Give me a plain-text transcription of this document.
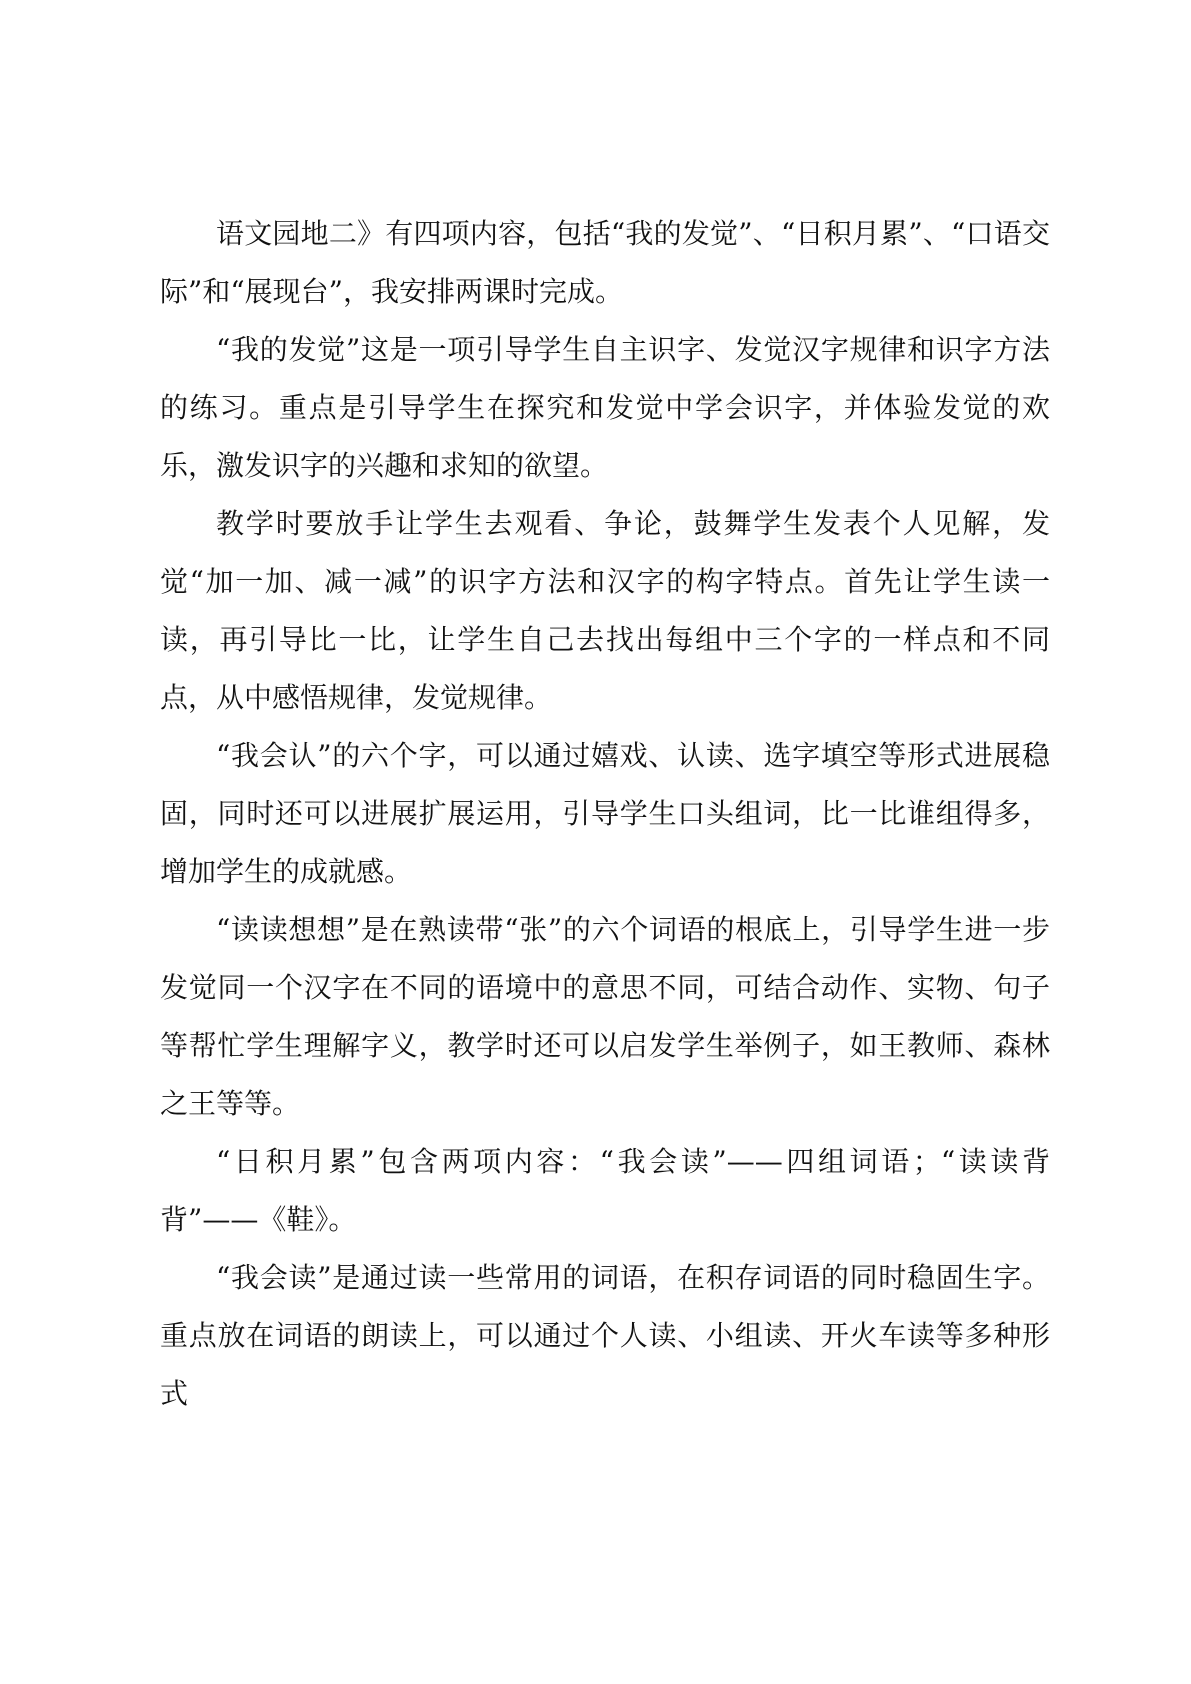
语文园地二》有四项内容，包括“我的发觉”、“日积月累”、“口语交际”和“展现台”，我安排两课时完成。

“我的发觉”这是一项引导学生自主识字、发觉汉字规律和识字方法的练习。重点是引导学生在探究和发觉中学会识字，并体验发觉的欢乐，激发识字的兴趣和求知的欲望。

教学时要放手让学生去观看、争论，鼓舞学生发表个人见解，发觉“加一加、减一减”的识字方法和汉字的构字特点。首先让学生读一读，再引导比一比，让学生自己去找出每组中三个字的一样点和不同点，从中感悟规律，发觉规律。

“我会认”的六个字，可以通过嬉戏、认读、选字填空等形式进展稳固，同时还可以进展扩展运用，引导学生口头组词，比一比谁组得多，增加学生的成就感。

“读读想想”是在熟读带“张”的六个词语的根底上，引导学生进一步发觉同一个汉字在不同的语境中的意思不同，可结合动作、实物、句子等帮忙学生理解字义，教学时还可以启发学生举例子，如王教师、森林之王等等。

“日积月累”包含两项内容：“我会读”——四组词语；“读读背背”——《鞋》。

“我会读”是通过读一些常用的词语，在积存词语的同时稳固生字。重点放在词语的朗读上，可以通过个人读、小组读、开火车读等多种形式
